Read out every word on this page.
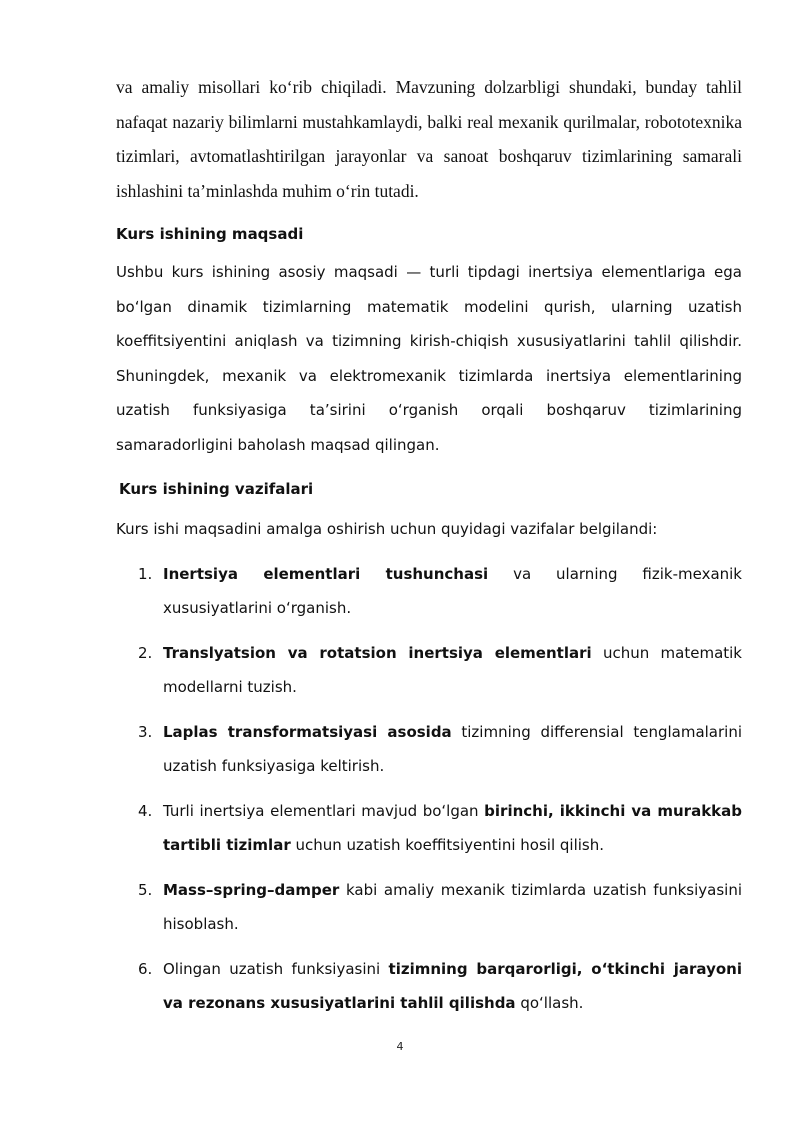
va amaliy misollari koʻrib chiqiladi. Mavzuning dolzarbligi shundaki, bunday tahlil nafaqat nazariy bilimlarni mustahkamlaydi, balki real mexanik qurilmalar, robototexnika tizimlari, avtomatlashtirilgan jarayonlar va sanoat boshqaruv tizimlarining samarali ishlashini taʼminlashda muhim oʻrin tutadi.

Kurs ishining maqsadi

Ushbu kurs ishining asosiy maqsadi — turli tipdagi inertsiya elementlariga ega boʻlgan dinamik tizimlarning matematik modelini qurish, ularning uzatish koeffitsiyentini aniqlash va tizimning kirish-chiqish xususiyatlarini tahlil qilishdir. Shuningdek, mexanik va elektromexanik tizimlarda inertsiya elementlarining uzatish funksiyasiga taʼsirini oʻrganish orqali boshqaruv tizimlarining samaradorligini baholash maqsad qilingan.

Kurs ishining vazifalari

Kurs ishi maqsadini amalga oshirish uchun quyidagi vazifalar belgilandi:

1. Inertsiya elementlari tushunchasi va ularning fizik-mexanik xususiyatlarini oʻrganish.
2. Translyatsion va rotatsion inertsiya elementlari uchun matematik modellarni tuzish.
3. Laplas transformatsiyasi asosida tizimning differensial tenglamalarini uzatish funksiyasiga keltirish.
4. Turli inertsiya elementlari mavjud boʻlgan birinchi, ikkinchi va murakkab tartibli tizimlar uchun uzatish koeffitsiyentini hosil qilish.
5. Mass–spring–damper kabi amaliy mexanik tizimlarda uzatish funksiyasini hisoblash.
6. Olingan uzatish funksiyasini tizimning barqarorligi, oʻtkinchi jarayoni va rezonans xususiyatlarini tahlil qilishda qoʻllash.
4
